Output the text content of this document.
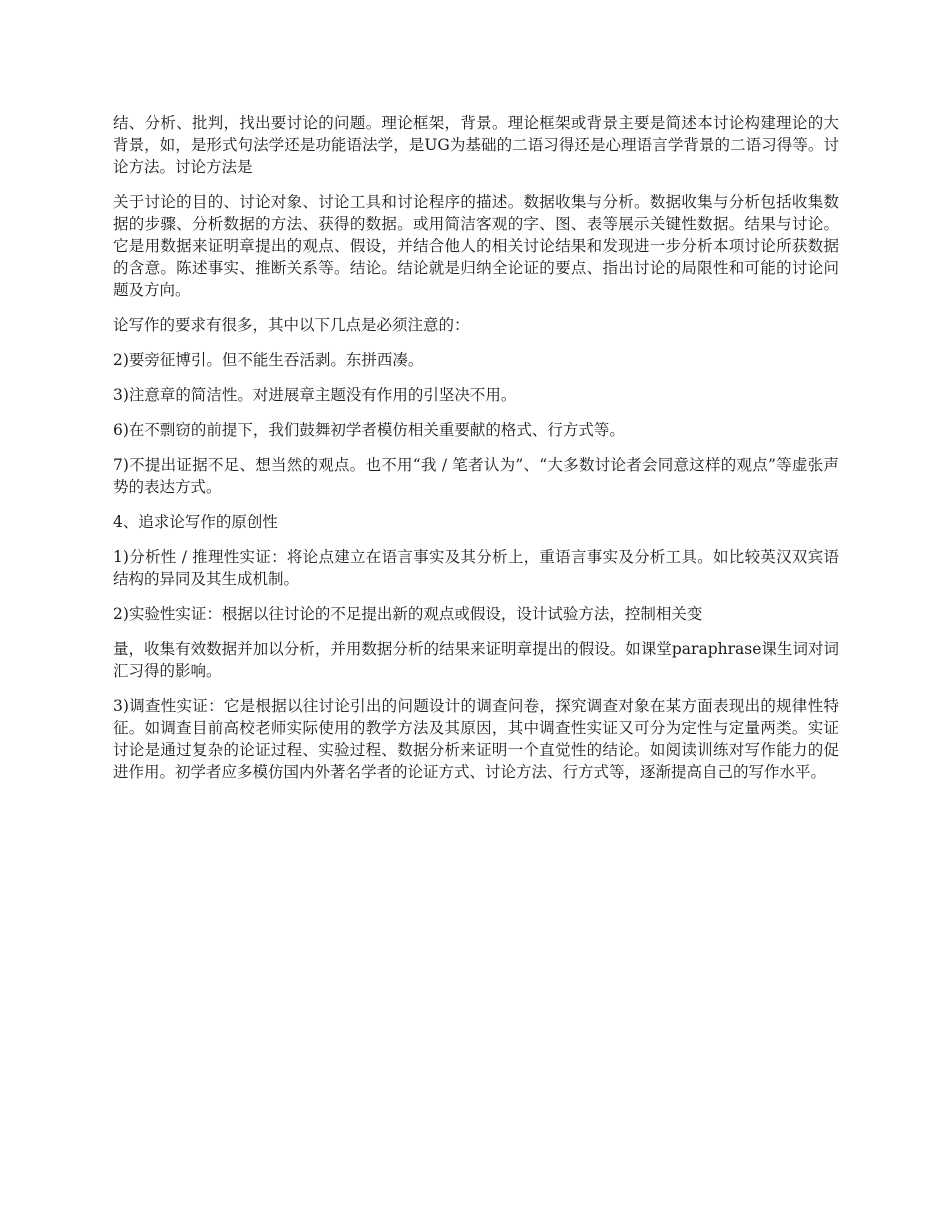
结、分析、批判，找出要讨论的问题。理论框架，背景。理论框架或背景主要是简述本讨论构建理论的大背景，如，是形式句法学还是功能语法学，是UG为基础的二语习得还是心理语言学背景的二语习得等。讨论方法。讨论方法是

关于讨论的目的、讨论对象、讨论工具和讨论程序的描述。数据收集与分析。数据收集与分析包括收集数据的步骤、分析数据的方法、获得的数据。或用简洁客观的字、图、表等展示关键性数据。结果与讨论。它是用数据来证明章提出的观点、假设，并结合他人的相关讨论结果和发现进一步分析本项讨论所获数据的含意。陈述事实、推断关系等。结论。结论就是归纳全论证的要点、指出讨论的局限性和可能的讨论问题及方向。

论写作的要求有很多，其中以下几点是必须注意的：

2)要旁征博引。但不能生吞活剥。东拼西凑。

3)注意章的简洁性。对进展章主题没有作用的引坚决不用。

6)在不剽窃的前提下，我们鼓舞初学者模仿相关重要献的格式、行方式等。

7)不提出证据不足、想当然的观点。也不用“我 / 笔者认为”、“大多数讨论者会同意这样的观点”等虚张声势的表达方式。

4、追求论写作的原创性

1)分析性 / 推理性实证：将论点建立在语言事实及其分析上，重语言事实及分析工具。如比较英汉双宾语结构的异同及其生成机制。

2)实验性实证：根据以往讨论的不足提出新的观点或假设，设计试验方法，控制相关变

量，收集有效数据并加以分析，并用数据分析的结果来证明章提出的假设。如课堂paraphrase课生词对词汇习得的影响。

3)调查性实证：它是根据以往讨论引出的问题设计的调查问卷，探究调查对象在某方面表现出的规律性特征。如调查目前高校老师实际使用的教学方法及其原因，其中调查性实证又可分为定性与定量两类。实证讨论是通过复杂的论证过程、实验过程、数据分析来证明一个直觉性的结论。如阅读训练对写作能力的促进作用。初学者应多模仿国内外著名学者的论证方式、讨论方法、行方式等，逐渐提高自己的写作水平。
